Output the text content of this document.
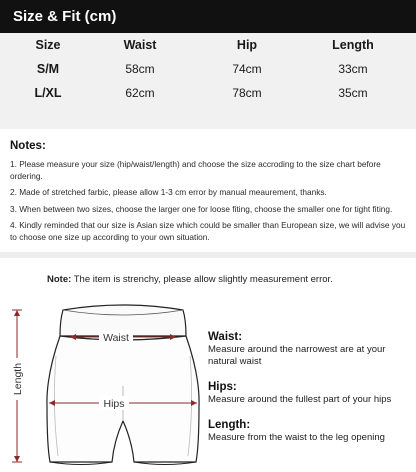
Size & Fit (cm)
Size	Waist	Hip	Length
S/M	58cm	74cm	33cm
L/XL	62cm	78cm	35cm
Notes:
1. Please measure your size (hip/waist/length) and choose the size accroding to the size chart before ordering.
2. Made of stretched farbic, please allow 1-3 cm error by manual meaurement, thanks.
3. When between two sizes, choose the larger one for loose fiting, choose the smaller one for tight fiting.
4. Kindly reminded that our size is Asian size which could be smaller than European size, we will advise you to choose one size up according to your own situation.
Note: The item is strenchy, please allow slightly measurement error.
Waist
Hips
Length
Waist:
Measure around the narrowest are at your natural waist
Hips:
Measure around the fullest part of your hips
Length:
Measure from the waist to the leg opening
